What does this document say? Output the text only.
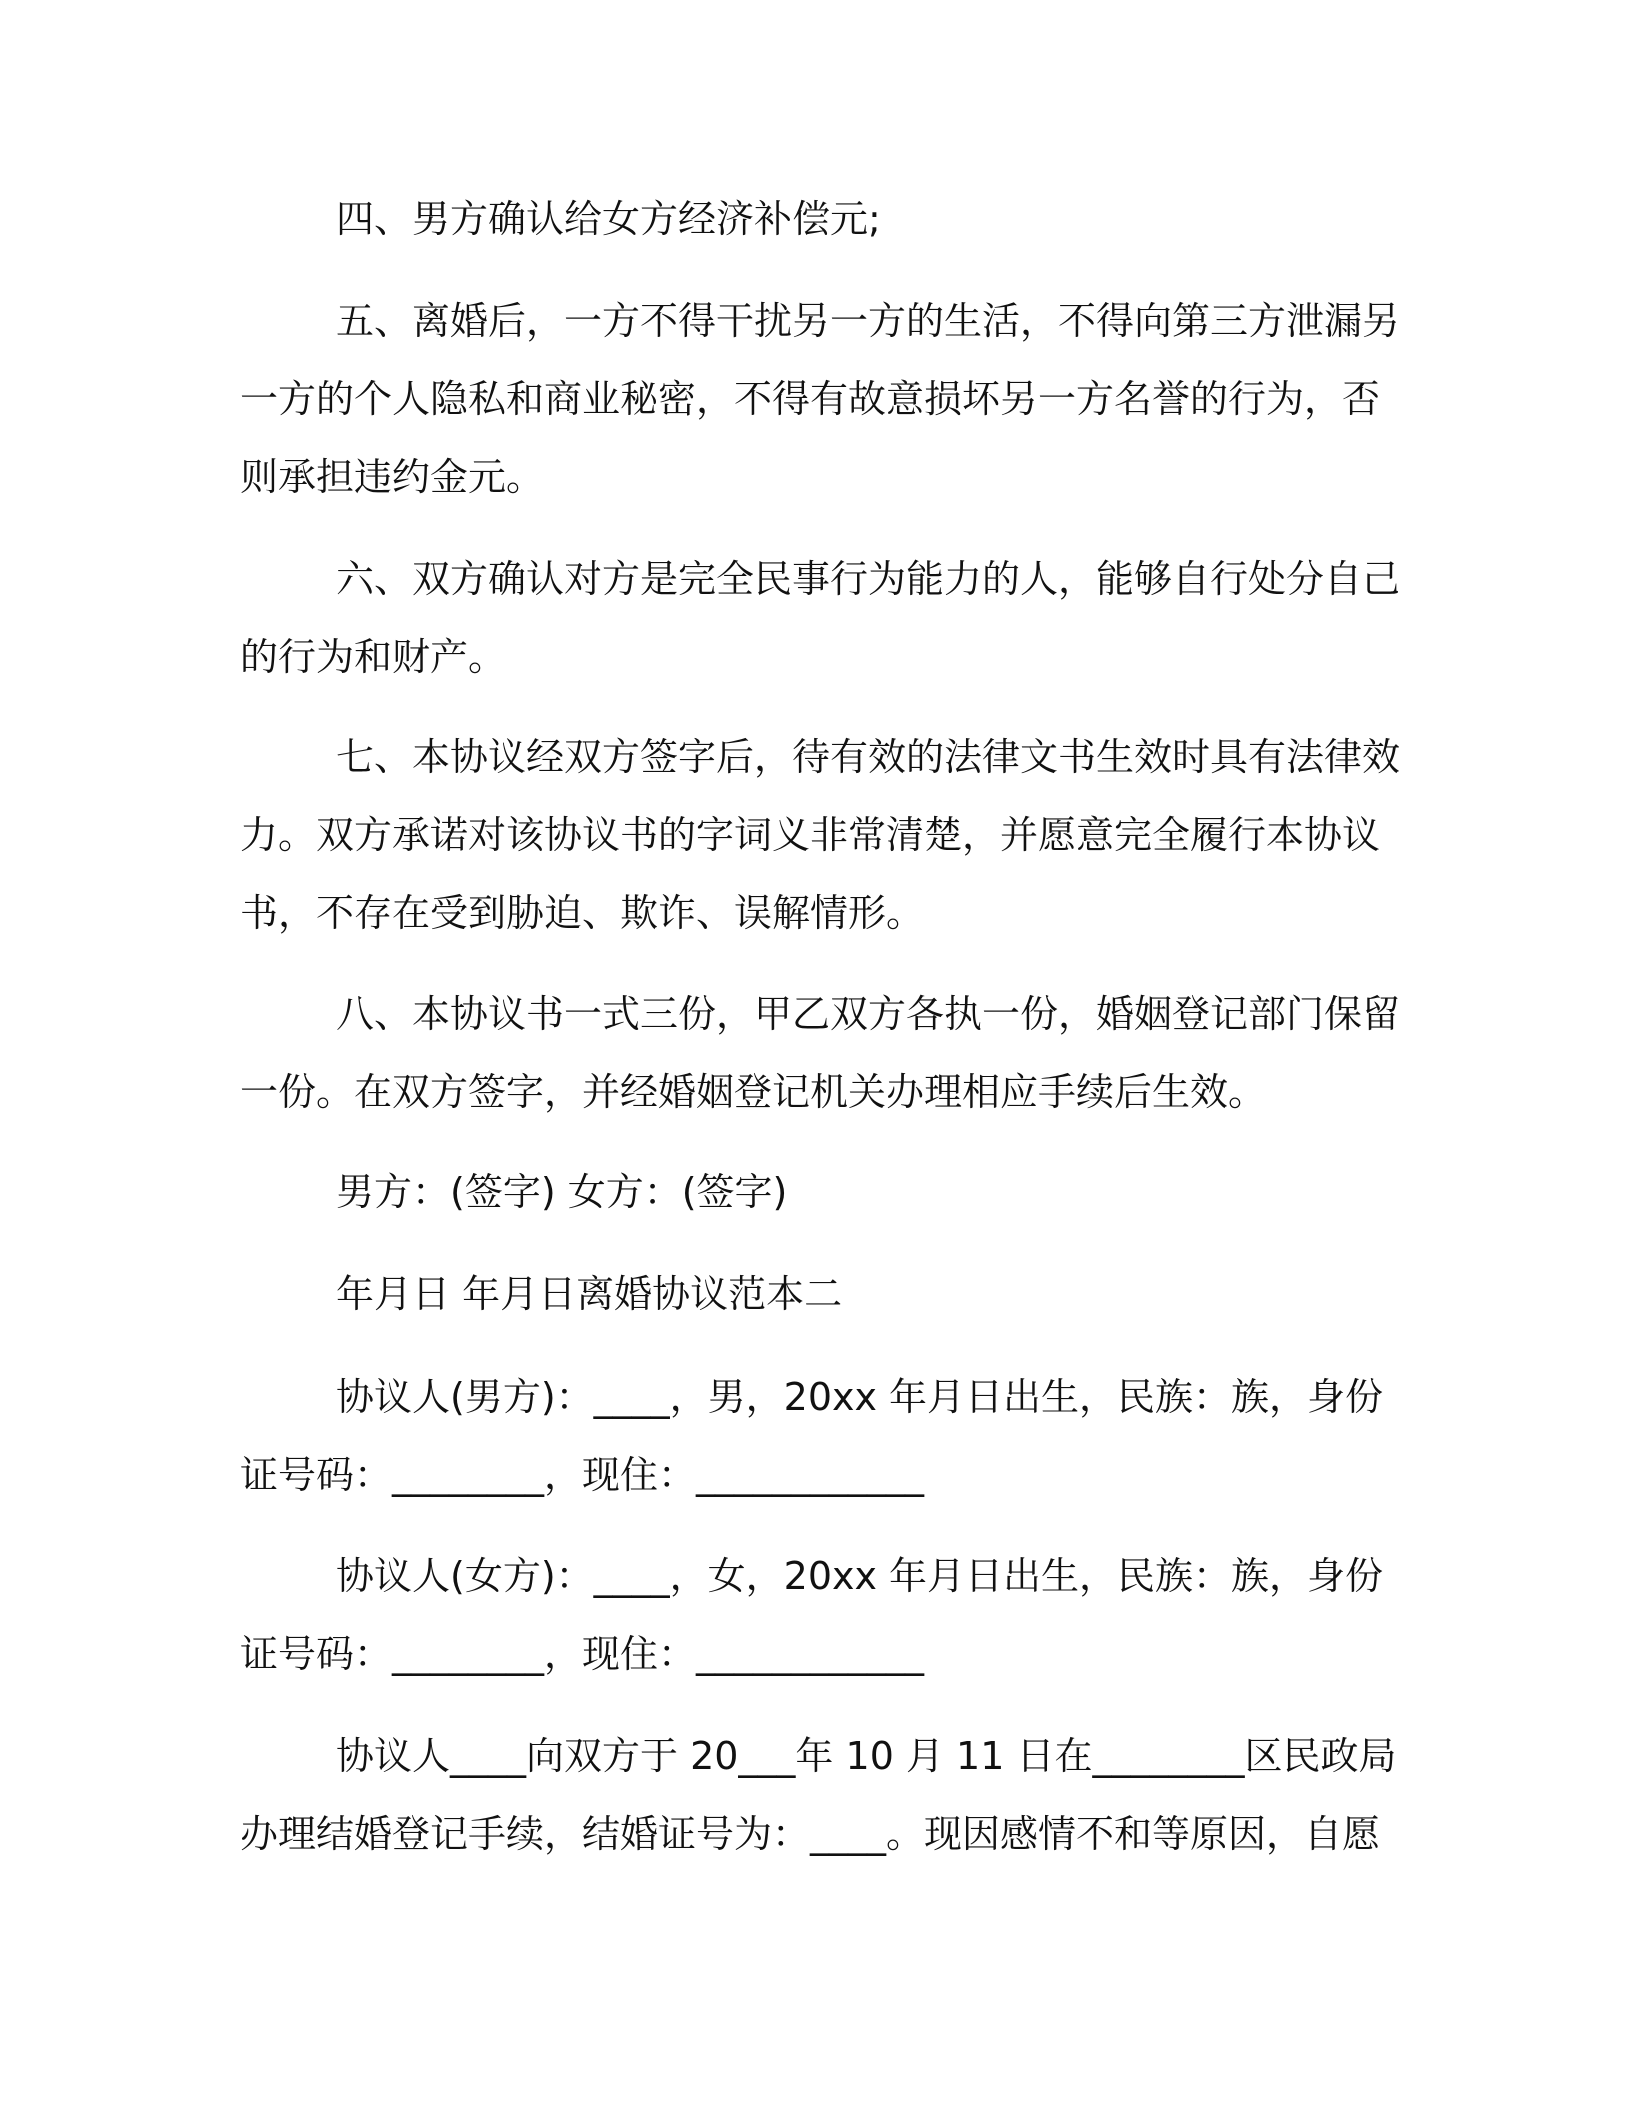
四、男方确认给女方经济补偿元;

五、离婚后，一方不得干扰另一方的生活，不得向第三方泄漏另
一方的个人隐私和商业秘密，不得有故意损坏另一方名誉的行为，否
则承担违约金元。

六、双方确认对方是完全民事行为能力的人，能够自行处分自己
的行为和财产。

七、本协议经双方签字后，待有效的法律文书生效时具有法律效
力。双方承诺对该协议书的字词义非常清楚，并愿意完全履行本协议
书，不存在受到胁迫、欺诈、误解情形。

八、本协议书一式三份，甲乙双方各执一份，婚姻登记部门保留
一份。在双方签字，并经婚姻登记机关办理相应手续后生效。

男方：(签字) 女方：(签字)

年月日 年月日离婚协议范本二

协议人(男方)：____，男，20xx 年月日出生，民族：族，身份
证号码：________，现住：____________

协议人(女方)：____，女，20xx 年月日出生，民族：族，身份
证号码：________，现住：____________

协议人____向双方于 20___年 10 月 11 日在________区民政局
办理结婚登记手续，结婚证号为：____。现因感情不和等原因，自愿
